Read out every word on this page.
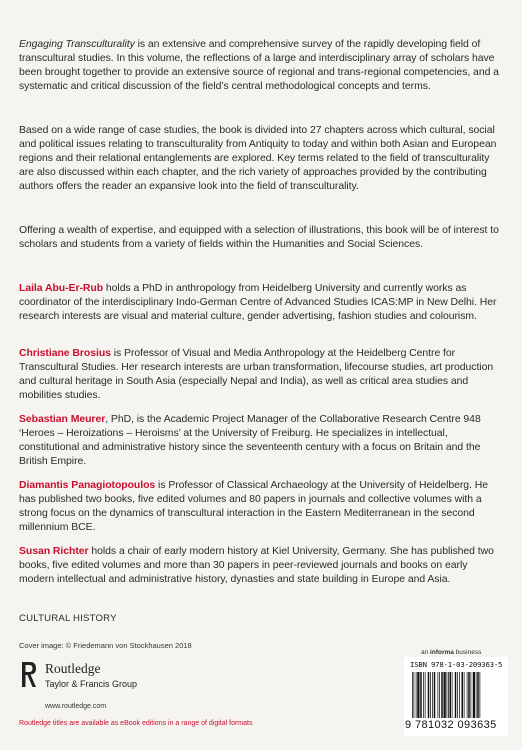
Engaging Transculturality is an extensive and comprehensive survey of the rapidly developing field of transcultural studies. In this volume, the reflections of a large and interdisciplinary array of scholars have been brought together to provide an extensive source of regional and trans-regional competencies, and a systematic and critical discussion of the field’s central methodological concepts and terms.

Based on a wide range of case studies, the book is divided into 27 chapters across which cultural, social and political issues relating to transculturality from Antiquity to today and within both Asian and European regions and their relational entanglements are explored. Key terms related to the field of transculturality are also discussed within each chapter, and the rich variety of approaches provided by the contributing authors offers the reader an expansive look into the field of transculturality.

Offering a wealth of expertise, and equipped with a selection of illustrations, this book will be of interest to scholars and students from a variety of fields within the Humanities and Social Sciences.

Laila Abu-Er-Rub holds a PhD in anthropology from Heidelberg University and currently works as coordinator of the interdisciplinary Indo-German Centre of Advanced Studies ICAS:MP in New Delhi. Her research interests are visual and material culture, gender advertising, fashion studies and colourism.

Christiane Brosius is Professor of Visual and Media Anthropology at the Heidelberg Centre for Transcultural Studies. Her research interests are urban transformation, lifecourse studies, art production and cultural heritage in South Asia (especially Nepal and India), as well as critical area studies and mobilities studies.

Sebastian Meurer, PhD, is the Academic Project Manager of the Collaborative Research Centre 948 ‘Heroes – Heroizations – Heroisms’ at the University of Freiburg. He specializes in intellectual, constitutional and administrative history since the seventeenth century with a focus on Britain and the British Empire.

Diamantis Panagiotopoulos is Professor of Classical Archaeology at the University of Heidelberg. He has published two books, five edited volumes and 80 papers in journals and collective volumes with a strong focus on the dynamics of transcultural interaction in the Eastern Mediterranean in the second millennium BCE.

Susan Richter holds a chair of early modern history at Kiel University, Germany. She has published two books, five edited volumes and more than 30 papers in peer-reviewed journals and books on early modern intellectual and administrative history, dynasties and state building in Europe and Asia.

CULTURAL HISTORY
Cover image: © Friedemann von Stockhausen 2018
Routledge
Taylor & Francis Group
www.routledge.com
Routledge titles are available as eBook editions in a range of digital formats
an informa business
ISBN 978-1-03-209363-5
9 781032 093635
